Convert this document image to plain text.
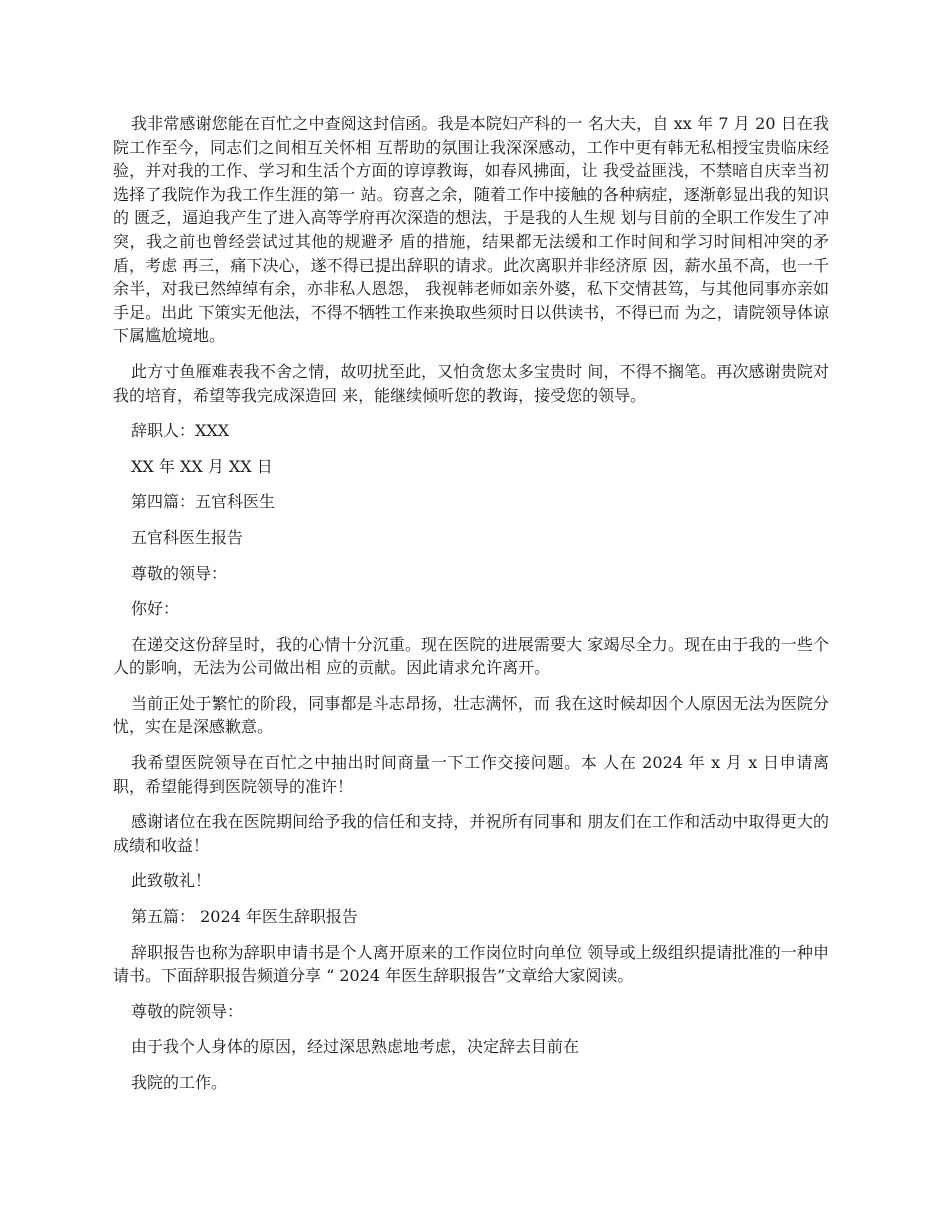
我非常感谢您能在百忙之中查阅这封信函。我是本院妇产科的一 名大夫，自 xx 年 7 月 20 日在我院工作至今，同志们之间相互关怀相 互帮助的氛围让我深深感动，工作中更有韩无私相授宝贵临床经 验，并对我的工作、学习和生活个方面的谆谆教诲，如春风拂面，让 我受益匪浅，不禁暗自庆幸当初选择了我院作为我工作生涯的第一 站。窃喜之余，随着工作中接触的各种病症，逐渐彰显出我的知识的 匮乏，逼迫我产生了进入高等学府再次深造的想法，于是我的人生规 划与目前的全职工作发生了冲突，我之前也曾经尝试过其他的规避矛 盾的措施，结果都无法缓和工作时间和学习时间相冲突的矛盾，考虑 再三，痛下决心，遂不得已提出辞职的请求。此次离职并非经济原 因，薪水虽不高，也一千余半，对我已然绰绰有余，亦非私人恩怨， 我视韩老师如亲外婆，私下交情甚笃，与其他同事亦亲如手足。出此 下策实无他法，不得不牺牲工作来换取些须时日以供读书，不得已而 为之，请院领导体谅下属尴尬境地。

此方寸鱼雁难表我不舍之情，故叨扰至此，又怕贪您太多宝贵时 间，不得不搁笔。再次感谢贵院对我的培育，希望等我完成深造回 来，能继续倾听您的教诲，接受您的领导。

辞职人：XXX

XX 年 XX 月 XX 日

第四篇：五官科医生

五官科医生报告

尊敬的领导：

你好：

在递交这份辞呈时，我的心情十分沉重。现在医院的进展需要大 家竭尽全力。现在由于我的一些个人的影响，无法为公司做出相 应的贡献。因此请求允许离开。

当前正处于繁忙的阶段，同事都是斗志昂扬，壮志满怀，而 我在这时候却因个人原因无法为医院分忧，实在是深感歉意。

我希望医院领导在百忙之中抽出时间商量一下工作交接问题。本 人在 2024 年 x 月 x 日申请离职，希望能得到医院领导的准许！

感谢诸位在我在医院期间给予我的信任和支持，并祝所有同事和 朋友们在工作和活动中取得更大的成绩和收益！

此致敬礼！

第五篇： 2024 年医生辞职报告

辞职报告也称为辞职申请书是个人离开原来的工作岗位时向单位 领导或上级组织提请批准的一种申请书。下面辞职报告频道分享 “ 2024 年医生辞职报告”文章给大家阅读。

尊敬的院领导：

由于我个人身体的原因，经过深思熟虑地考虑，决定辞去目前在

我院的工作。
